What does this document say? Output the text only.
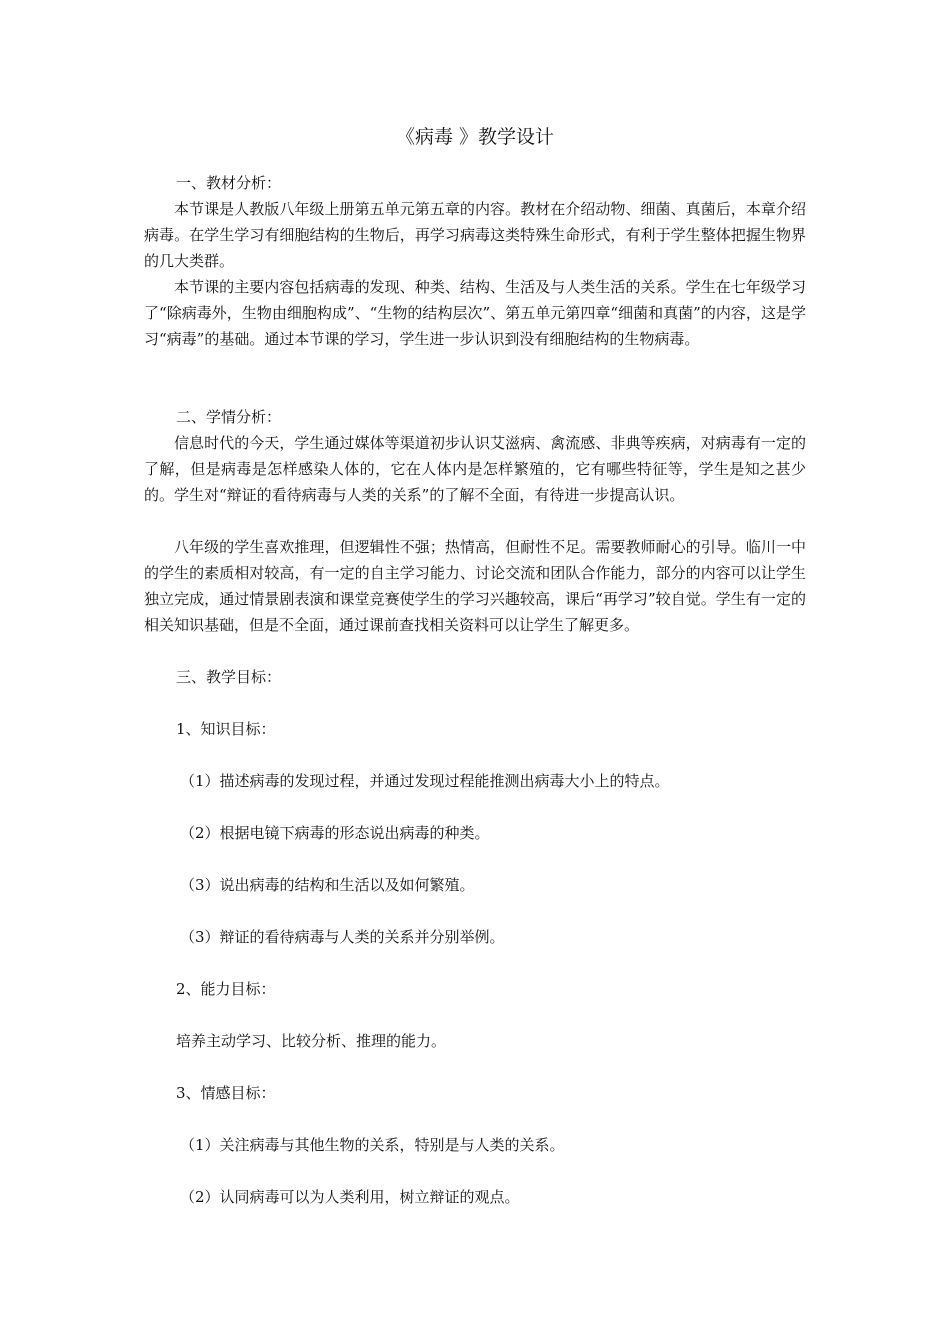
《病毒 》教学设计
一、教材分析：

本节课是人教版八年级上册第五单元第五章的内容。教材在介绍动物、细菌、真菌后，本章介绍病毒。在学生学习有细胞结构的生物后，再学习病毒这类特殊生命形式，有利于学生整体把握生物界的几大类群。

本节课的主要内容包括病毒的发现、种类、结构、生活及与人类生活的关系。学生在七年级学习了“除病毒外，生物由细胞构成”、“生物的结构层次”、第五单元第四章“细菌和真菌”的内容，这是学习“病毒”的基础。通过本节课的学习，学生进一步认识到没有细胞结构的生物病毒。

二、学情分析：

信息时代的今天，学生通过媒体等渠道初步认识艾滋病、禽流感、非典等疾病，对病毒有一定的了解，但是病毒是怎样感染人体的，它在人体内是怎样繁殖的，它有哪些特征等，学生是知之甚少的。学生对“辩证的看待病毒与人类的关系”的了解不全面，有待进一步提高认识。

八年级的学生喜欢推理，但逻辑性不强；热情高，但耐性不足。需要教师耐心的引导。临川一中的学生的素质相对较高，有一定的自主学习能力、讨论交流和团队合作能力，部分的内容可以让学生独立完成，通过情景剧表演和课堂竞赛使学生的学习兴趣较高，课后“再学习”较自觉。学生有一定的相关知识基础，但是不全面，通过课前查找相关资料可以让学生了解更多。

三、教学目标：
1、知识目标：
（1）描述病毒的发现过程，并通过发现过程能推测出病毒大小上的特点。
（2）根据电镜下病毒的形态说出病毒的种类。
（3）说出病毒的结构和生活以及如何繁殖。
（3）辩证的看待病毒与人类的关系并分别举例。
2、能力目标：
培养主动学习、比较分析、推理的能力。
3、情感目标：
（1）关注病毒与其他生物的关系，特别是与人类的关系。
（2）认同病毒可以为人类利用，树立辩证的观点。
